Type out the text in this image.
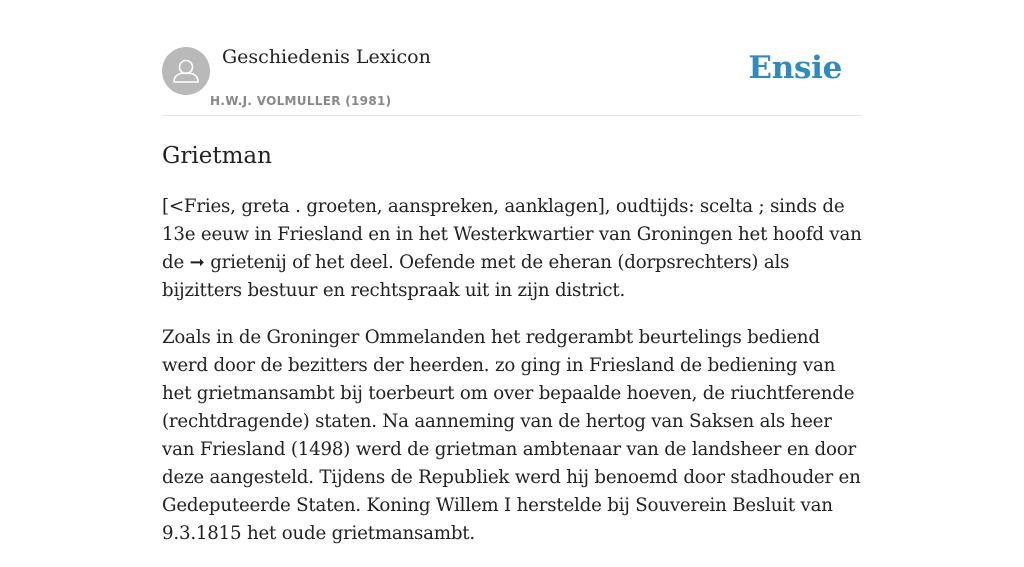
Geschiedenis Lexicon
H.W.J. VOLMULLER (1981)
Ensie
Grietman

[<Fries, greta . groeten, aanspreken, aanklagen], oudtijds: scelta ; sinds de 13e eeuw in Friesland en in het Westerkwartier van Groningen het hoofd van de ➞ grietenij of het deel. Oefende met de eheran (dorpsrechters) als bijzitters bestuur en rechtspraak uit in zijn district.

Zoals in de Groninger Ommelanden het redgerambt beurtelings bediend werd door de bezitters der heerden. zo ging in Friesland de bediening van het grietmansambt bij toerbeurt om over bepaalde hoeven, de riuchtferende (rechtdragende) staten. Na aanneming van de hertog van Saksen als heer van Friesland (1498) werd de grietman ambtenaar van de landsheer en door deze aangesteld. Tijdens de Republiek werd hij benoemd door stadhouder en Gedeputeerde Staten. Koning Willem I herstelde bij Souverein Besluit van 9.3.1815 het oude grietmansambt.
